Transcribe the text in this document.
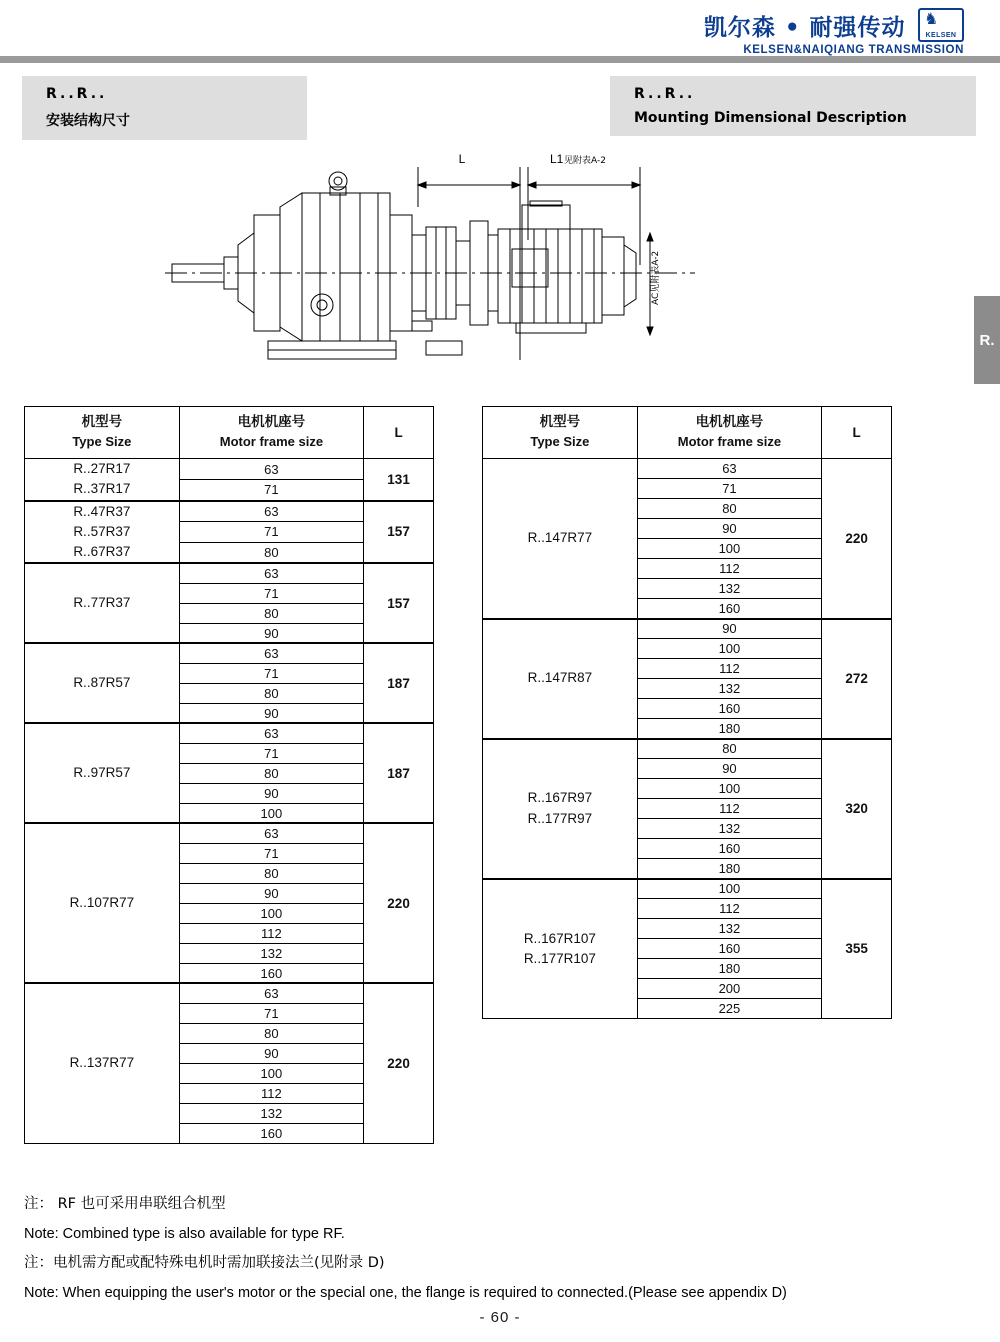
凯尔森 • 耐强传动 ♞
KELSEN
KELSEN&NAIQIANG TRANSMISSION
R..R..
安装结构尺寸
R..R..
Mounting Dimensional Description
R.
L	L1 见附表A-2
AC见附表A-2
机型号
Type Size

电机机座号
Motor frame size
	L

R..27R17
R..37R17	63	131
	71	

R..47R37
R..57R37
R..67R37	63	157
	71	
	80	

R..77R37	63	157
	71	
	80	
	90	

R..87R57	63	187
	71	
	80	
	90	

R..97R57	63	187
	71	
	80	
	90	
	100	

R..107R77	63	220
	71	
	80	
	90	
	100	
	112	
	132	
	160	

R..137R77	63	220
	71	
	80	
	90	
	100	
	112	
	132	
	160	
机型号
Type Size

电机机座号
Motor frame size
	L

R..147R77	63	220
	71	
	80	
	90	
	100	
	112	
	132	
	160	

R..147R87	90	272
	100	
	112	
	132	
	160	
	180	

R..167R97
R..177R97	80	320
	90	
	100	
	112	
	132	
	160	
	180	

R..167R107
R..177R107	100	355
	112	
	132	
	160	
	180	
	200	
	225	
注： RF 也可采用串联组合机型
Note: Combined type is also available for type RF.
注：电机需方配或配特殊电机时需加联接法兰(见附录 D)
Note: When equipping the user's motor or the special one, the flange is required to connected.(Please see appendix D)
- 60 -
